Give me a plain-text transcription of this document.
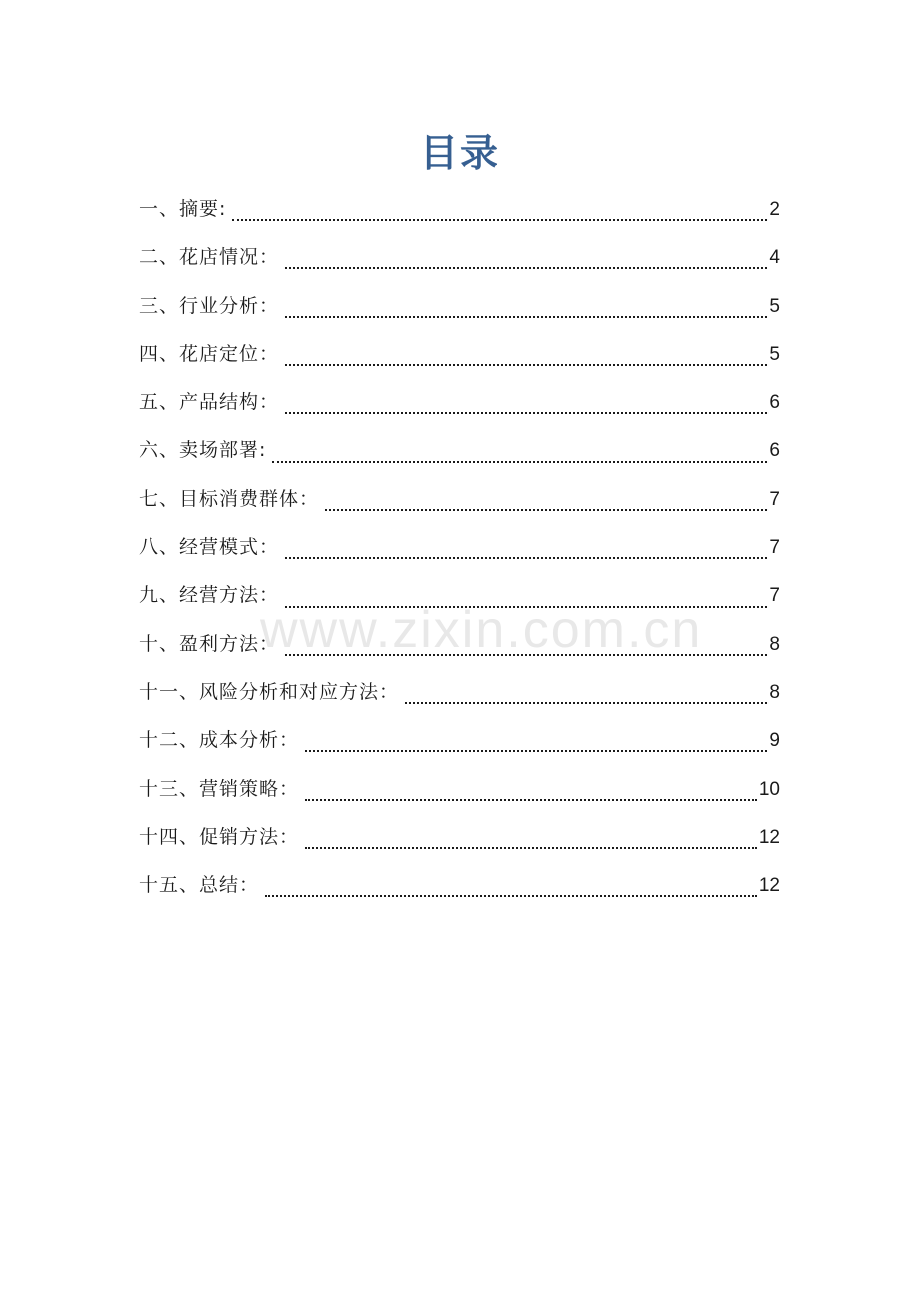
目录
一、摘要:	2
二、花店情况：	4
三、行业分析：	5
四、花店定位：	5
五、产品结构：	6
六、卖场部署:	6
七、目标消费群体：	7
八、经营模式：	7
九、经营方法：	7
十、盈利方法：	8
十一、风险分析和对应方法：	8
十二、成本分析：	9
十三、营销策略：	10
十四、促销方法：	12
十五、总结：	12
www.zixin.com.cn
